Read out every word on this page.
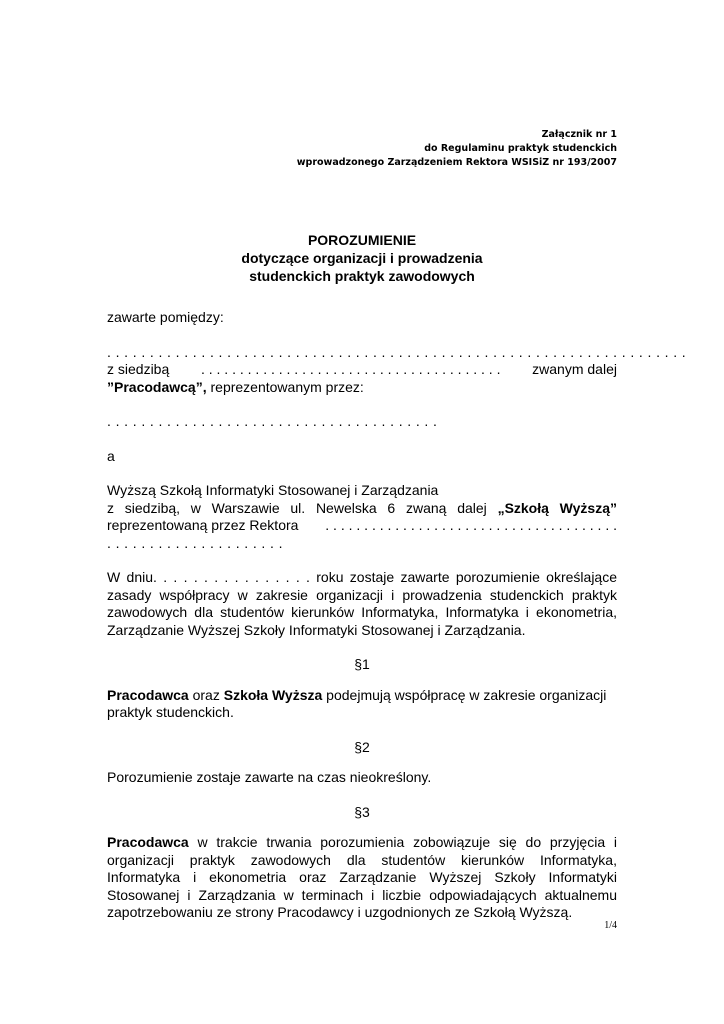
Załącznik nr 1
do Regulaminu praktyk studenckich
wprowadzonego Zarządzeniem Rektora WSISiZ nr 193/2007
POROZUMIENIE
dotyczące organizacji i prowadzenia
studenckich praktyk zawodowych

zawarte pomiędzy:

. . . . . . . . . . . . . . . . . . . . . . . . . . . . . . . . . . . . . . . . . . . . . . . . . . . . . . . . . . . . . . . . . . . .

z siedzibą . . . . . . . . . . . . . . . . . . . . . . . . . . . . . . . . . . . . . . . zwanym dalej

”Pracodawcą”, reprezentowanym przez:

. . . . . . . . . . . . . . . . . . . . . . . . . . . . . . . . . . . . . . .

a

Wyższą Szkołą Informatyki Stosowanej i Zarządzania

z siedzibą, w Warszawie ul. Newelska 6 zwaną dalej „Szkołą Wyższą”

reprezentowaną przez Rektora . . . . . . . . . . . . . . . . . . . . . . . . . . . . . . . . . . . . . .

. . . . . . . . . . . . . . . . . . . . .

W dniu. . . . . . . . . . . . . . . . roku zostaje zawarte porozumienie określające

zasady współpracy w zakresie organizacji i prowadzenia studenckich praktyk

zawodowych dla studentów kierunków Informatyka, Informatyka i ekonometria,

Zarządzanie Wyższej Szkoły Informatyki Stosowanej i Zarządzania.

§1

Pracodawca oraz Szkoła Wyższa podejmują współpracę w zakresie organizacji praktyk studenckich.

§2

Porozumienie zostaje zawarte na czas nieokreślony.

§3

Pracodawca w trakcie trwania porozumienia zobowiązuje się do przyjęcia i organizacji praktyk zawodowych dla studentów kierunków Informatyka, Informatyka i ekonometria oraz Zarządzanie Wyższej Szkoły Informatyki Stosowanej i Zarządzania w terminach i liczbie odpowiadających aktualnemu zapotrzebowaniu ze strony Pracodawcy i uzgodnionych ze Szkołą Wyższą.

1/4
